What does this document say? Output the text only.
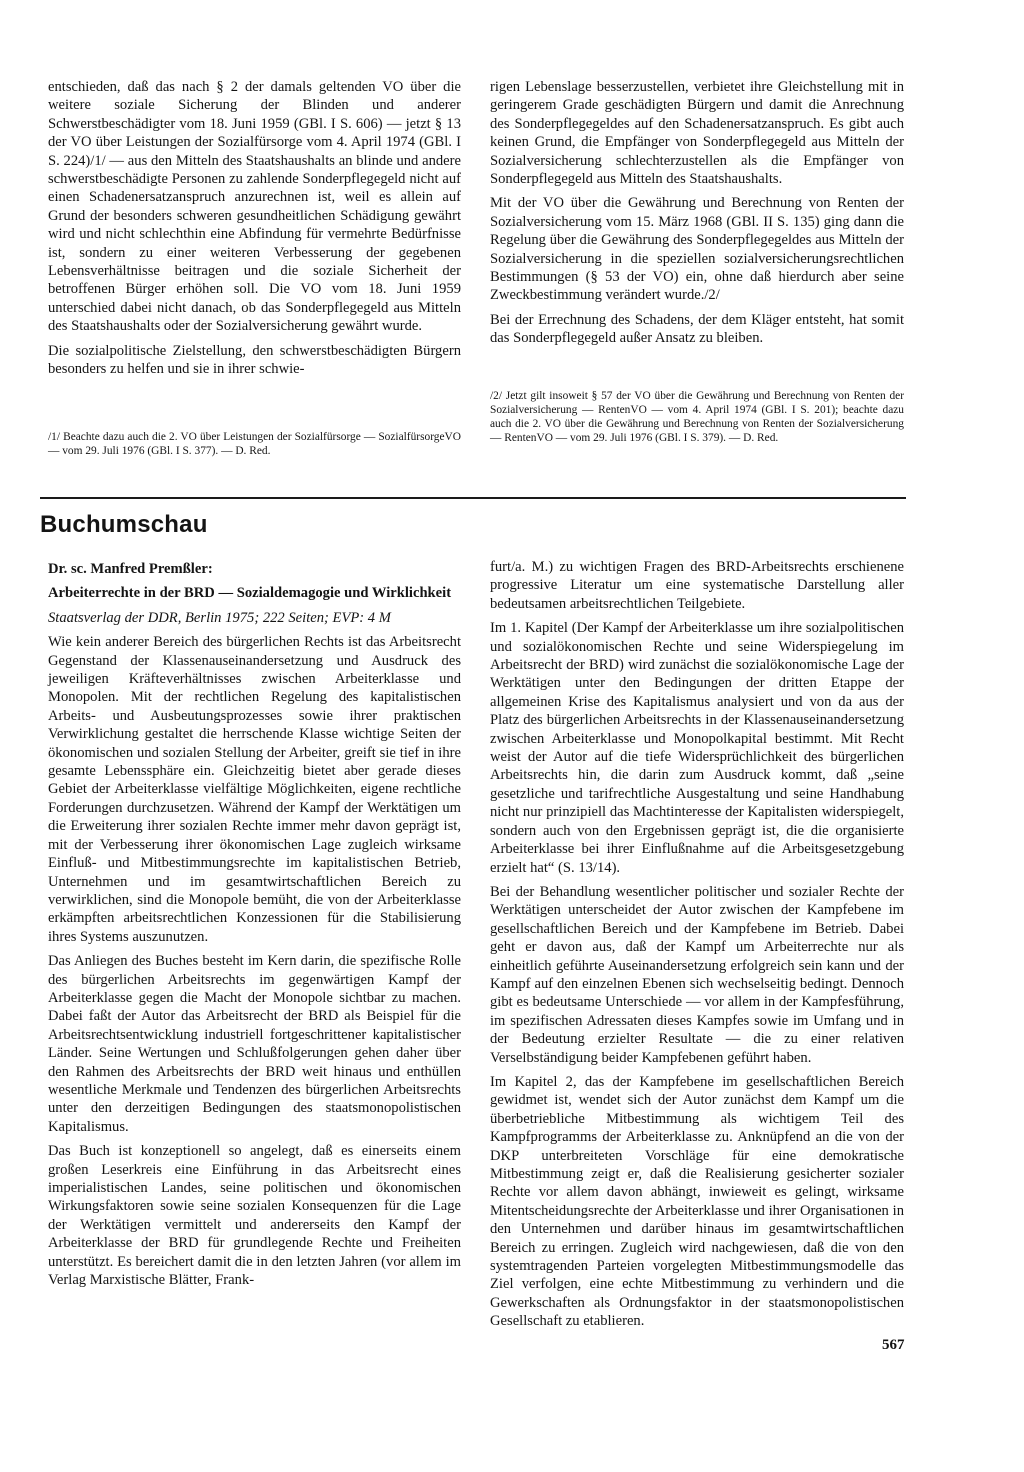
entschieden, daß das nach § 2 der damals geltenden VO über die weitere soziale Sicherung der Blinden und anderer Schwerstbeschädigter vom 18. Juni 1959 (GBl. I S. 606) — jetzt § 13 der VO über Leistungen der Sozialfürsorge vom 4. April 1974 (GBl. I S. 224)/1/ — aus den Mitteln des Staatshaushalts an blinde und andere schwerstbeschädigte Personen zu zahlende Sonderpflegegeld nicht auf einen Schadenersatzanspruch anzurechnen ist, weil es allein auf Grund der besonders schweren gesundheitlichen Schädigung gewährt wird und nicht schlechthin eine Abfindung für vermehrte Bedürfnisse ist, sondern zu einer weiteren Verbesserung der gegebenen Lebensverhältnisse beitragen und die soziale Sicherheit der betroffenen Bürger erhöhen soll. Die VO vom 18. Juni 1959 unterschied dabei nicht danach, ob das Sonderpflegegeld aus Mitteln des Staatshaushalts oder der Sozialversicherung gewährt wurde.

Die sozialpolitische Zielstellung, den schwerstbeschädigten Bürgern besonders zu helfen und sie in ihrer schwie-

/1/ Beachte dazu auch die 2. VO über Leistungen der Sozialfürsorge — SozialfürsorgeVO — vom 29. Juli 1976 (GBl. I S. 377). — D. Red.

rigen Lebenslage besserzustellen, verbietet ihre Gleichstellung mit in geringerem Grade geschädigten Bürgern und damit die Anrechnung des Sonderpflegegeldes auf den Schadenersatzanspruch. Es gibt auch keinen Grund, die Empfänger von Sonderpflegegeld aus Mitteln der Sozialversicherung schlechterzustellen als die Empfänger von Sonderpflegegeld aus Mitteln des Staatshaushalts.

Mit der VO über die Gewährung und Berechnung von Renten der Sozialversicherung vom 15. März 1968 (GBl. II S. 135) ging dann die Regelung über die Gewährung des Sonderpflegegeldes aus Mitteln der Sozialversicherung in die speziellen sozialversicherungsrechtlichen Bestimmungen (§ 53 der VO) ein, ohne daß hierdurch aber seine Zweckbestimmung verändert wurde./2/

Bei der Errechnung des Schadens, der dem Kläger entsteht, hat somit das Sonderpflegegeld außer Ansatz zu bleiben.

/2/ Jetzt gilt insoweit § 57 der VO über die Gewährung und Berechnung von Renten der Sozialversicherung — RentenVO — vom 4. April 1974 (GBl. I S. 201); beachte dazu auch die 2. VO über die Gewährung und Berechnung von Renten der Sozialversicherung — RentenVO — vom 29. Juli 1976 (GBl. I S. 379). — D. Red.

Buchumschau

Dr. sc. Manfred Premßler:

Arbeiterrechte in der BRD — Sozialdemagogie und Wirklichkeit

Staatsverlag der DDR, Berlin 1975; 222 Seiten; EVP: 4 M

Wie kein anderer Bereich des bürgerlichen Rechts ist das Arbeitsrecht Gegenstand der Klassenauseinandersetzung und Ausdruck des jeweiligen Kräfteverhältnisses zwischen Arbeiterklasse und Monopolen. Mit der rechtlichen Regelung des kapitalistischen Arbeits- und Ausbeutungsprozesses sowie ihrer praktischen Verwirklichung gestaltet die herrschende Klasse wichtige Seiten der ökonomischen und sozialen Stellung der Arbeiter, greift sie tief in ihre gesamte Lebenssphäre ein. Gleichzeitig bietet aber gerade dieses Gebiet der Arbeiterklasse vielfältige Möglichkeiten, eigene rechtliche Forderungen durchzusetzen. Während der Kampf der Werktätigen um die Erweiterung ihrer sozialen Rechte immer mehr davon geprägt ist, mit der Verbesserung ihrer ökonomischen Lage zugleich wirksame Einfluß- und Mitbestimmungsrechte im kapitalistischen Betrieb, Unternehmen und im gesamtwirtschaftlichen Bereich zu verwirklichen, sind die Monopole bemüht, die von der Arbeiterklasse erkämpften arbeitsrechtlichen Konzessionen für die Stabilisierung ihres Systems auszunutzen.

Das Anliegen des Buches besteht im Kern darin, die spezifische Rolle des bürgerlichen Arbeitsrechts im gegenwärtigen Kampf der Arbeiterklasse gegen die Macht der Monopole sichtbar zu machen. Dabei faßt der Autor das Arbeitsrecht der BRD als Beispiel für die Arbeitsrechtsentwicklung industriell fortgeschrittener kapitalistischer Länder. Seine Wertungen und Schlußfolgerungen gehen daher über den Rahmen des Arbeitsrechts der BRD weit hinaus und enthüllen wesentliche Merkmale und Tendenzen des bürgerlichen Arbeitsrechts unter den derzeitigen Bedingungen des staatsmonopolistischen Kapitalismus.

Das Buch ist konzeptionell so angelegt, daß es einerseits einem großen Leserkreis eine Einführung in das Arbeitsrecht eines imperialistischen Landes, seine politischen und ökonomischen Wirkungsfaktoren sowie seine sozialen Konsequenzen für die Lage der Werktätigen vermittelt und andererseits den Kampf der Arbeiterklasse der BRD für grundlegende Rechte und Freiheiten unterstützt. Es bereichert damit die in den letzten Jahren (vor allem im Verlag Marxistische Blätter, Frank-

furt/a. M.) zu wichtigen Fragen des BRD-Arbeitsrechts erschienene progressive Literatur um eine systematische Darstellung aller bedeutsamen arbeitsrechtlichen Teilgebiete.

Im 1. Kapitel (Der Kampf der Arbeiterklasse um ihre sozialpolitischen und sozialökonomischen Rechte und seine Widerspiegelung im Arbeitsrecht der BRD) wird zunächst die sozialökonomische Lage der Werktätigen unter den Bedingungen der dritten Etappe der allgemeinen Krise des Kapitalismus analysiert und von da aus der Platz des bürgerlichen Arbeitsrechts in der Klassenauseinandersetzung zwischen Arbeiterklasse und Monopolkapital bestimmt. Mit Recht weist der Autor auf die tiefe Widersprüchlichkeit des bürgerlichen Arbeitsrechts hin, die darin zum Ausdruck kommt, daß „seine gesetzliche und tarifrechtliche Ausgestaltung und seine Handhabung nicht nur prinzipiell das Machtinteresse der Kapitalisten widerspiegelt, sondern auch von den Ergebnissen geprägt ist, die die organisierte Arbeiterklasse bei ihrer Einflußnahme auf die Arbeitsgesetzgebung erzielt hat“ (S. 13/14).

Bei der Behandlung wesentlicher politischer und sozialer Rechte der Werktätigen unterscheidet der Autor zwischen der Kampfebene im gesellschaftlichen Bereich und der Kampfebene im Betrieb. Dabei geht er davon aus, daß der Kampf um Arbeiterrechte nur als einheitlich geführte Auseinandersetzung erfolgreich sein kann und der Kampf auf den einzelnen Ebenen sich wechselseitig bedingt. Dennoch gibt es bedeutsame Unterschiede — vor allem in der Kampfesführung, im spezifischen Adressaten dieses Kampfes sowie im Umfang und in der Bedeutung erzielter Resultate — die zu einer relativen Verselbständigung beider Kampfebenen geführt haben.

Im Kapitel 2, das der Kampfebene im gesellschaftlichen Bereich gewidmet ist, wendet sich der Autor zunächst dem Kampf um die überbetriebliche Mitbestimmung als wichtigem Teil des Kampfprogramms der Arbeiterklasse zu. Anknüpfend an die von der DKP unterbreiteten Vorschläge für eine demokratische Mitbestimmung zeigt er, daß die Realisierung gesicherter sozialer Rechte vor allem davon abhängt, inwieweit es gelingt, wirksame Mitentscheidungsrechte der Arbeiterklasse und ihrer Organisationen in den Unternehmen und darüber hinaus im gesamtwirtschaftlichen Bereich zu erringen. Zugleich wird nachgewiesen, daß die von den systemtragenden Parteien vorgelegten Mitbestimmungsmodelle das Ziel verfolgen, eine echte Mitbestimmung zu verhindern und die Gewerkschaften als Ordnungsfaktor in der staatsmonopolistischen Gesellschaft zu etablieren.

567
